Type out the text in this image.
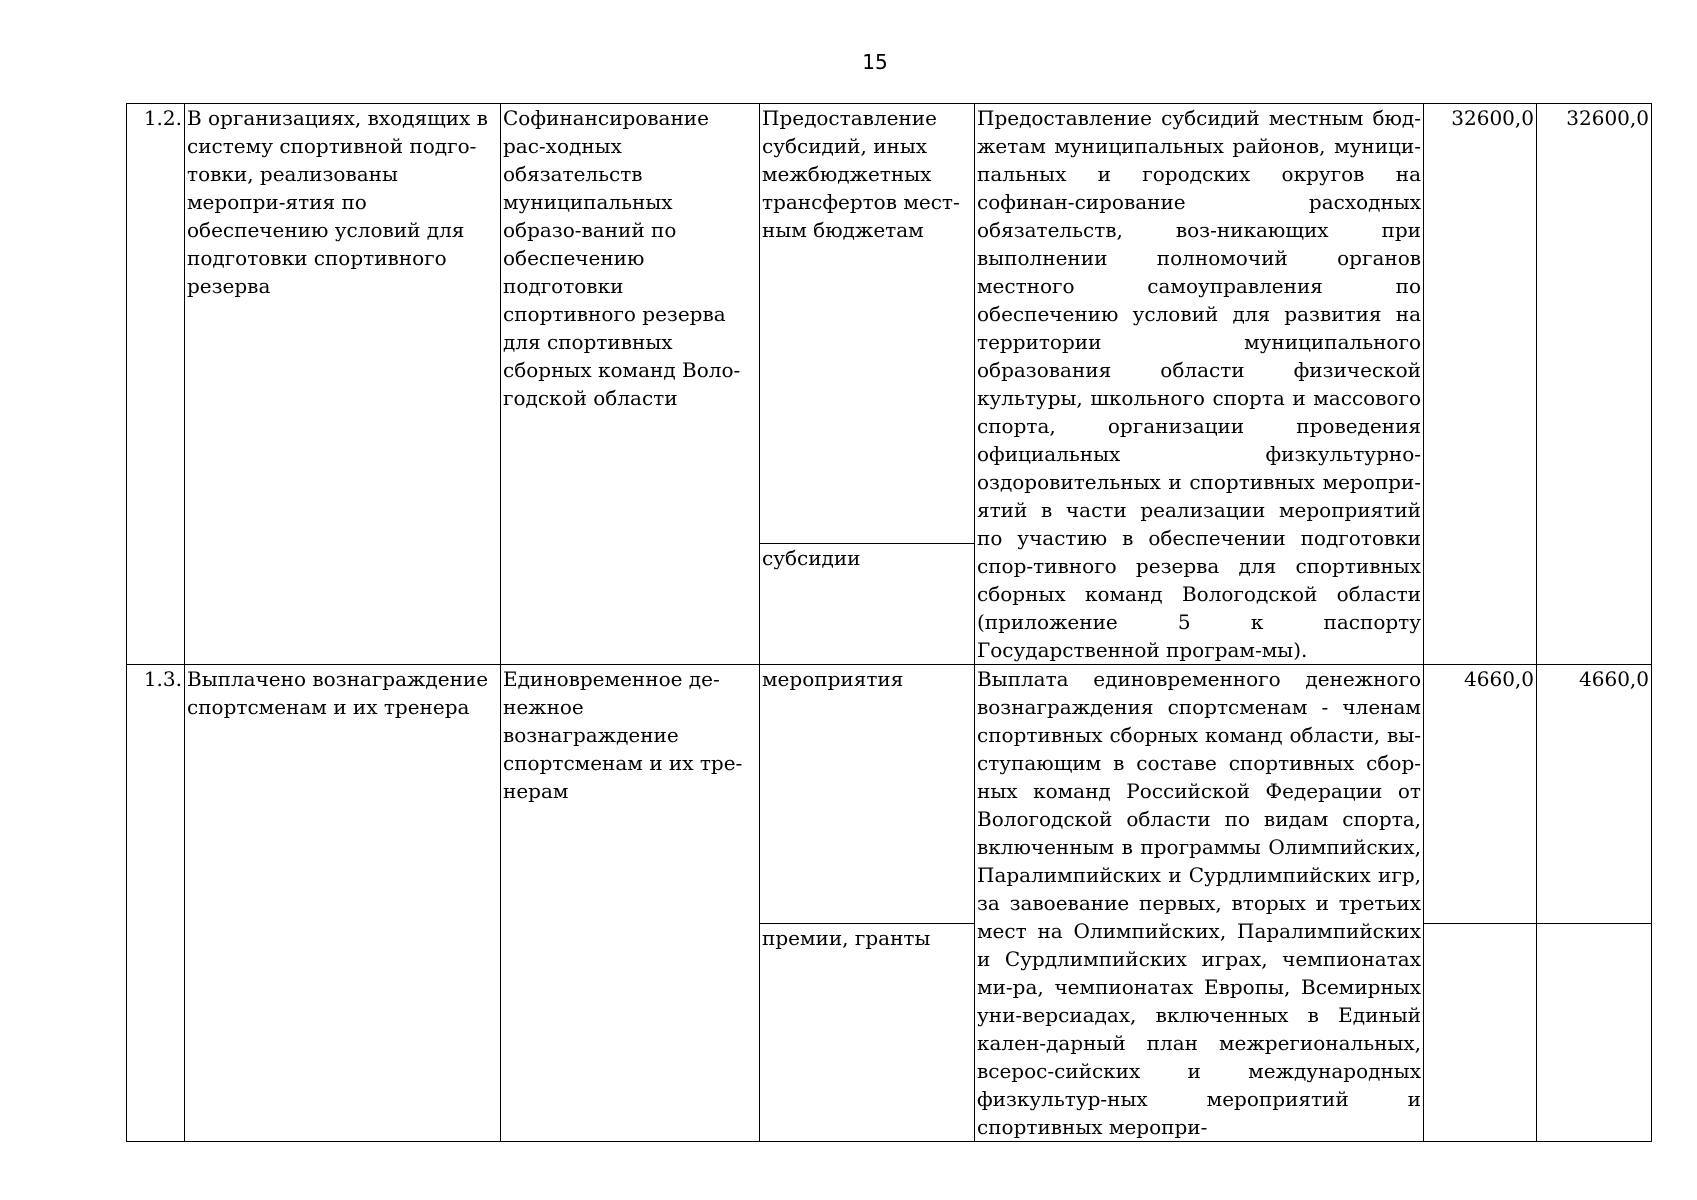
15
1.2.	В организациях, входящих в систему спортивной подго-товки, реализованы меропри-ятия по обеспечению условий для подготовки спортивного резерва	Софинансирование рас-ходных обязательств муниципальных образо-ваний по обеспечению подготовки спортивного резерва для спортивных сборных команд Воло-годской области	Предоставление субсидий, иных межбюджетных трансфертов мест-ным бюджетам	Предоставление субсидий местным бюд-жетам муниципальных районов, муници-пальных и городских округов на софинан-сирование расходных обязательств, воз-никающих при выполнении полномочий органов местного самоуправления по обеспечению условий для развития на территории муниципального образования области физической культуры, школьного спорта и массового спорта, организации проведения официальных физкультурно-оздоровительных и спортивных меропри-ятий в части реализации мероприятий по участию в обеспечении подготовки спор-тивного резерва для спортивных сборных команд Вологодской области (приложение 5 к паспорту Государственной програм-мы).	32600,0	32600,0
			субсидии			
1.3.	Выплачено вознаграждение спортсменам и их тренера	Единовременное де-нежное вознаграждение спортсменам и их тре-нерам	мероприятия	Выплата единовременного денежного вознаграждения спортсменам - членам спортивных сборных команд области, вы-ступающим в составе спортивных сбор-ных команд Российской Федерации от Вологодской области по видам спорта, включенным в программы Олимпийских, Паралимпийских и Сурдлимпийских игр, за завоевание первых, вторых и третьих мест на Олимпийских, Паралимпийских и Сурдлимпийских играх, чемпионатах ми-ра, чемпионатах Европы, Всемирных уни-версиадах, включенных в Единый кален-дарный план межрегиональных, всерос-сийских и международных физкультур-ных мероприятий и спортивных меропри-	4660,0	4660,0
			премии, гранты			
